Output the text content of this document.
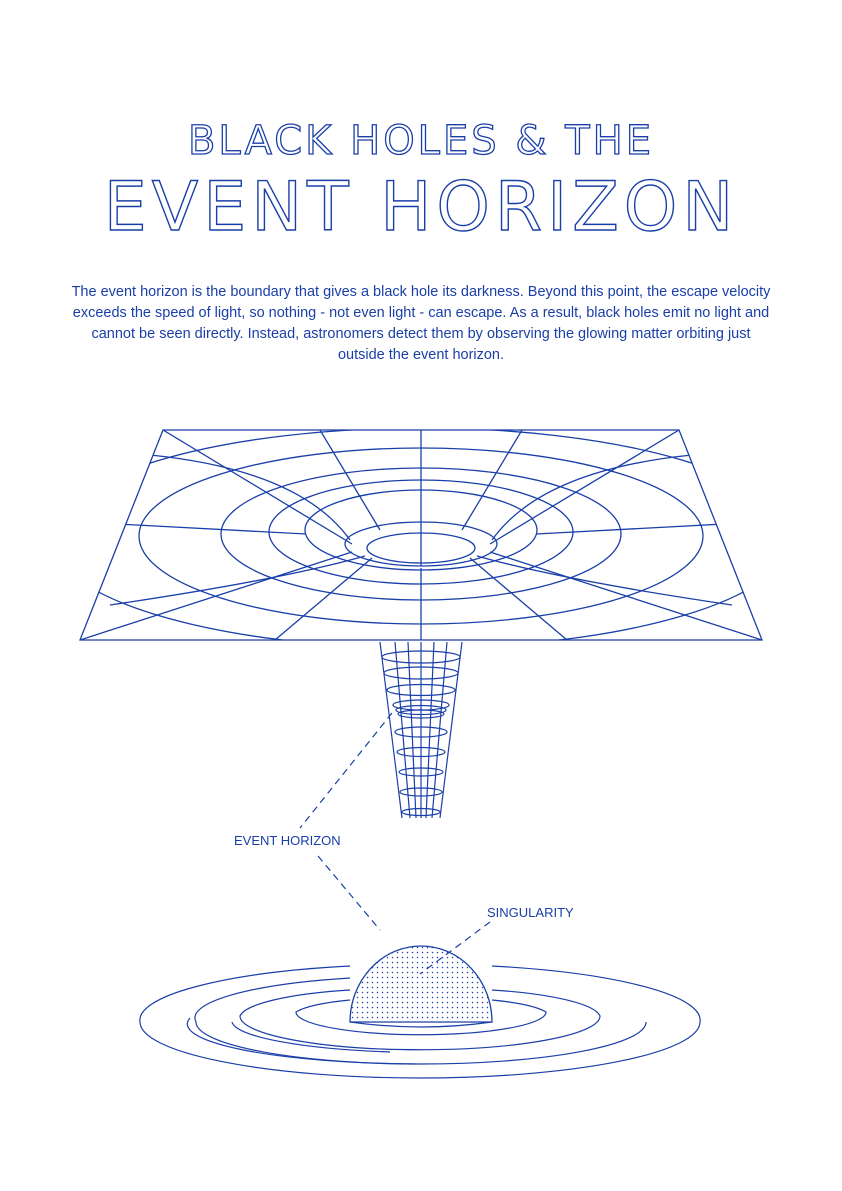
BLACK HOLES & THE
EVENT HORIZON

The event horizon is the boundary that gives a black hole its darkness. Beyond this point, the escape velocity exceeds the speed of light, so nothing - not even light - can escape. As a result, black holes emit no light and cannot be seen directly. Instead, astronomers detect them by observing the glowing matter orbiting just outside the event horizon.

EVENT HORIZON
SINGULARITY
